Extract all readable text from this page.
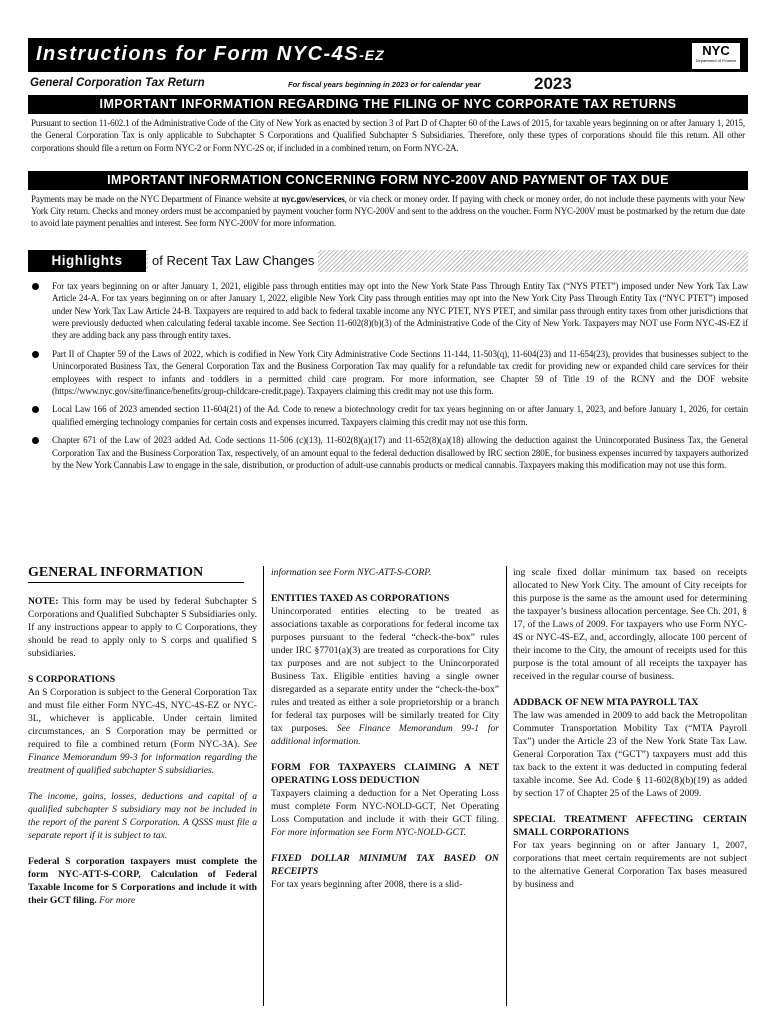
Instructions for Form NYC-4S-EZ	NYC
Department of Finance
General Corporation Tax Return	For fiscal years beginning in 2023 or for calendar year	2023
IMPORTANT INFORMATION REGARDING THE FILING OF NYC CORPORATE TAX RETURNS
Pursuant to section 11-602.1 of the Administrative Code of the City of New York as enacted by section 3 of Part D of Chapter 60 of the Laws of 2015, for taxable years beginning on or after January 1, 2015, the General Corporation Tax is only applicable to Subchapter S Corporations and Qualified Subchapter S Subsidiaries. Therefore, only these types of corporations should file this return. All other corporations should file a return on Form NYC-2 or Form NYC-2S or, if included in a combined return, on Form NYC-2A.
IMPORTANT INFORMATION CONCERNING FORM NYC-200V AND PAYMENT OF TAX DUE
Payments may be made on the NYC Department of Finance website at nyc.gov/eservices, or via check or money order. If paying with check or money order, do not include these payments with your New York City return. Checks and money orders must be accompanied by payment voucher form NYC-200V and sent to the address on the voucher. Form NYC-200V must be postmarked by the return due date to avoid late payment penalties and interest. See form NYC-200V for more information.
Highlights	of Recent Tax Law Changes
For tax years beginning on or after January 1, 2021, eligible pass through entities may opt into the New York State Pass Through Entity Tax (“NYS PTET”) imposed under New York Tax Law Article 24-A. For tax years beginning on or after January 1, 2022, eligible New York City pass through entities may opt into the New York City Pass Through Entity Tax (“NYC PTET”) imposed under New York Tax Law Article 24-B. Taxpayers are required to add back to federal taxable income any NYC PTET, NYS PTET, and similar pass through entity taxes from other jurisdictions that were previously deducted when calculating federal taxable income. See Section 11-602(8)(b)(3) of the Administrative Code of the City of New York. Taxpayers may NOT use Form NYC-4S-EZ if they are adding back any pass through entity taxes.
Part II of Chapter 59 of the Laws of 2022, which is codified in New York City Administrative Code Sections 11-144, 11-503(q), 11-604(23) and 11-654(23), provides that businesses subject to the Unincorporated Business Tax, the General Corporation Tax and the Business Corporation Tax may qualify for a refundable tax credit for providing new or expanded child care services for their employees with respect to infants and toddlers in a permitted child care program. For more information, see Chapter 59 of Title 19 of the RCNY and the DOF website (https://www.nyc.gov/site/finance/benefits/group-childcare-credit.page). Taxpayers claiming this credit may not use this form.
Local Law 166 of 2023 amended section 11-604(21) of the Ad. Code to renew a biotechnology credit for tax years beginning on or after January 1, 2023, and before January 1, 2026, for certain qualified emerging technology companies for certain costs and expenses incurred. Taxpayers claiming this credit may not use this form.
Chapter 671 of the Law of 2023 added Ad. Code sections 11-506 (c)(13), 11-602(8)(a)(17) and 11-652(8)(a)(18) allowing the deduction against the Unincorporated Business Tax, the General Corporation Tax and the Business Corporation Tax, respectively, of an amount equal to the federal deduction disallowed by IRC section 280E, for business expenses incurred by taxpayers authorized by the New York Cannabis Law to engage in the sale, distribution, or production of adult-use cannabis products or medical cannabis. Taxpayers making this modification may not use this form.
GENERAL INFORMATION

NOTE: This form may be used by federal Subchapter S Corporations and Qualified Subchapter S Subsidiaries only. If any instructions appear to apply to C Corporations, they should be read to apply only to S corps and qualified S subsidiaries.

S CORPORATIONS
An S Corporation is subject to the General Corporation Tax and must file either Form NYC-4S, NYC-4S-EZ or NYC-3L, whichever is applicable. Under certain limited circumstances, an S Corporation may be permitted or required to file a combined return (Form NYC-3A). See Finance Memorandum 99-3 for information regarding the treatment of qualified subchapter S subsidiaries.

The income, gains, losses, deductions and capital of a qualified subchapter S subsidiary may not be included in the report of the parent S Corporation. A QSSS must file a separate report if it is subject to tax.

Federal S corporation taxpayers must complete the form NYC-ATT-S-CORP, Calculation of Federal Taxable Income for S Corporations and include it with their GCT filing. For more

information see Form NYC-ATT-S-CORP.

ENTITIES TAXED AS CORPORATIONS
Unincorporated entities electing to be treated as associations taxable as corporations for federal income tax purposes pursuant to the federal “check-the-box” rules under IRC §7701(a)(3) are treated as corporations for City tax purposes and are not subject to the Unincorporated Business Tax. Eligible entities having a single owner disregarded as a separate entity under the “check-the-box” rules and treated as either a sole proprietorship or a branch for federal tax purposes will be similarly treated for City tax purposes. See Finance Memorandum 99-1 for additional information.

FORM FOR TAXPAYERS CLAIMING A NET OPERATING LOSS DEDUCTION
Taxpayers claiming a deduction for a Net Operating Loss must complete Form NYC-NOLD-GCT, Net Operating Loss Computation and include it with their GCT filing. For more information see Form NYC-NOLD-GCT.

FIXED DOLLAR MINIMUM TAX BASED ON RECEIPTS
For tax years beginning after 2008, there is a slid-

ing scale fixed dollar minimum tax based on receipts allocated to New York City. The amount of City receipts for this purpose is the same as the amount used for determining the taxpayer’s business allocation percentage. See Ch. 201, § 17, of the Laws of 2009. For taxpayers who use Form NYC-4S or NYC-4S-EZ, and, accordingly, allocate 100 percent of their income to the City, the amount of receipts used for this purpose is the total amount of all receipts the taxpayer has received in the regular course of business.

ADDBACK OF NEW MTA PAYROLL TAX
The law was amended in 2009 to add back the Metropolitan Commuter Transportation Mobility Tax (“MTA Payroll Tax”) under the Article 23 of the New York State Tax Law. General Corporation Tax (“GCT”) taxpayers must add this tax back to the extent it was deducted in computing federal taxable income. See Ad. Code § 11-602(8)(b)(19) as added by section 17 of Chapter 25 of the Laws of 2009.

SPECIAL TREATMENT AFFECTING CERTAIN SMALL CORPORATIONS
For tax years beginning on or after January 1, 2007, corporations that meet certain requirements are not subject to the alternative General Corporation Tax bases measured by business and
